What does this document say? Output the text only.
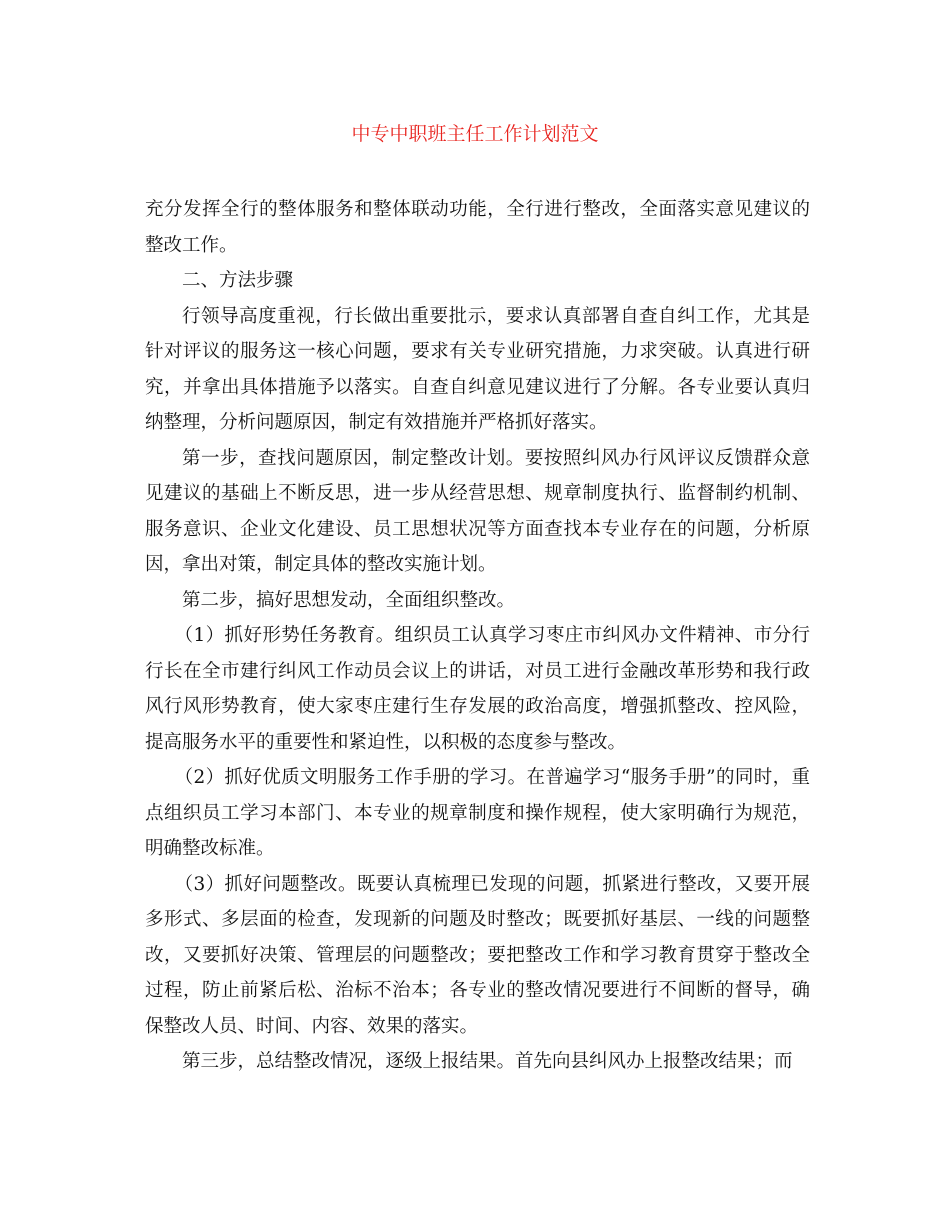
中专中职班主任工作计划范文

充分发挥全行的整体服务和整体联动功能，全行进行整改，全面落实意见建议的整改工作。

二、方法步骤

行领导高度重视，行长做出重要批示，要求认真部署自查自纠工作，尤其是针对评议的服务这一核心问题，要求有关专业研究措施，力求突破。认真进行研究，并拿出具体措施予以落实。自查自纠意见建议进行了分解。各专业要认真归纳整理，分析问题原因，制定有效措施并严格抓好落实。

第一步，查找问题原因，制定整改计划。要按照纠风办行风评议反馈群众意见建议的基础上不断反思，进一步从经营思想、规章制度执行、监督制约机制、服务意识、企业文化建设、员工思想状况等方面查找本专业存在的问题，分析原因，拿出对策，制定具体的整改实施计划。

第二步，搞好思想发动，全面组织整改。

（1）抓好形势任务教育。组织员工认真学习枣庄市纠风办文件精神、市分行行长在全市建行纠风工作动员会议上的讲话，对员工进行金融改革形势和我行政风行风形势教育，使大家枣庄建行生存发展的政治高度，增强抓整改、控风险，提高服务水平的重要性和紧迫性，以积极的态度参与整改。

（2）抓好优质文明服务工作手册的学习。在普遍学习“服务手册”的同时，重点组织员工学习本部门、本专业的规章制度和操作规程，使大家明确行为规范，明确整改标准。

（3）抓好问题整改。既要认真梳理已发现的问题，抓紧进行整改，又要开展多形式、多层面的检查，发现新的问题及时整改；既要抓好基层、一线的问题整改，又要抓好决策、管理层的问题整改；要把整改工作和学习教育贯穿于整改全过程，防止前紧后松、治标不治本；各专业的整改情况要进行不间断的督导，确保整改人员、时间、内容、效果的落实。

第三步，总结整改情况，逐级上报结果。首先向县纠风办上报整改结果；而
